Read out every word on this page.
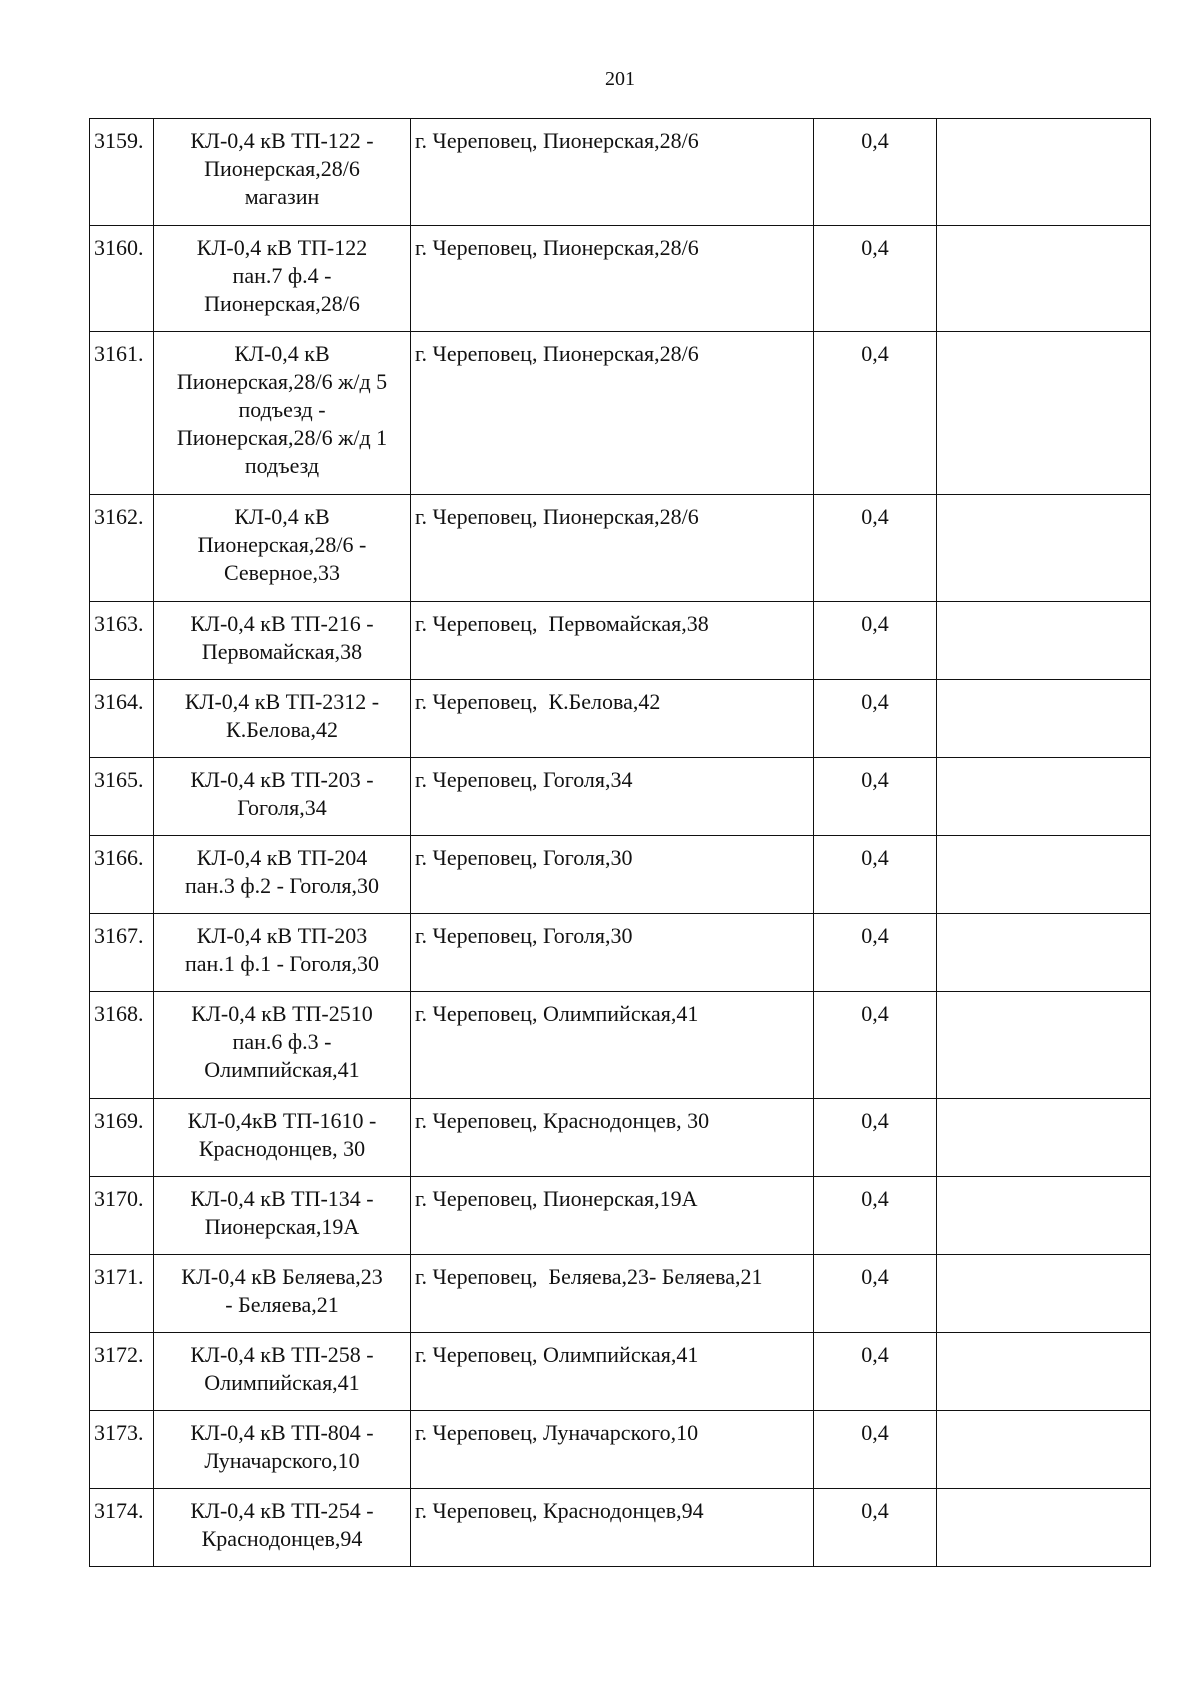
201
3159.	КЛ-0,4 кВ ТП-122 -
Пионерская,28/6
магазин	г. Череповец, Пионерская,28/6	0,4	
3160.	КЛ-0,4 кВ ТП-122
пан.7 ф.4 -
Пионерская,28/6	г. Череповец, Пионерская,28/6	0,4	
3161.	КЛ-0,4 кВ
Пионерская,28/6 ж/д 5
подъезд -
Пионерская,28/6 ж/д 1
подъезд	г. Череповец, Пионерская,28/6	0,4	
3162.	КЛ-0,4 кВ
Пионерская,28/6 -
Северное,33	г. Череповец, Пионерская,28/6	0,4	
3163.	КЛ-0,4 кВ ТП-216 -
Первомайская,38	г. Череповец,  Первомайская,38	0,4	
3164.	КЛ-0,4 кВ ТП-2312 -
К.Белова,42	г. Череповец,  К.Белова,42	0,4	
3165.	КЛ-0,4 кВ ТП-203 -
Гоголя,34	г. Череповец, Гоголя,34	0,4	
3166.	КЛ-0,4 кВ ТП-204
пан.3 ф.2 - Гоголя,30	г. Череповец, Гоголя,30	0,4	
3167.	КЛ-0,4 кВ ТП-203
пан.1 ф.1 - Гоголя,30	г. Череповец, Гоголя,30	0,4	
3168.	КЛ-0,4 кВ ТП-2510
пан.6 ф.3 -
Олимпийская,41	г. Череповец, Олимпийская,41	0,4	
3169.	КЛ-0,4кВ ТП-1610 -
Краснодонцев, 30	г. Череповец, Краснодонцев, 30	0,4	
3170.	КЛ-0,4 кВ ТП-134 -
Пионерская,19А	г. Череповец, Пионерская,19А	0,4	
3171.	КЛ-0,4 кВ Беляева,23
- Беляева,21	г. Череповец,  Беляева,23- Беляева,21	0,4	
3172.	КЛ-0,4 кВ ТП-258 -
Олимпийская,41	г. Череповец, Олимпийская,41	0,4	
3173.	КЛ-0,4 кВ ТП-804 -
Луначарского,10	г. Череповец, Луначарского,10	0,4	
3174.	КЛ-0,4 кВ ТП-254 -
Краснодонцев,94	г. Череповец, Краснодонцев,94	0,4	
